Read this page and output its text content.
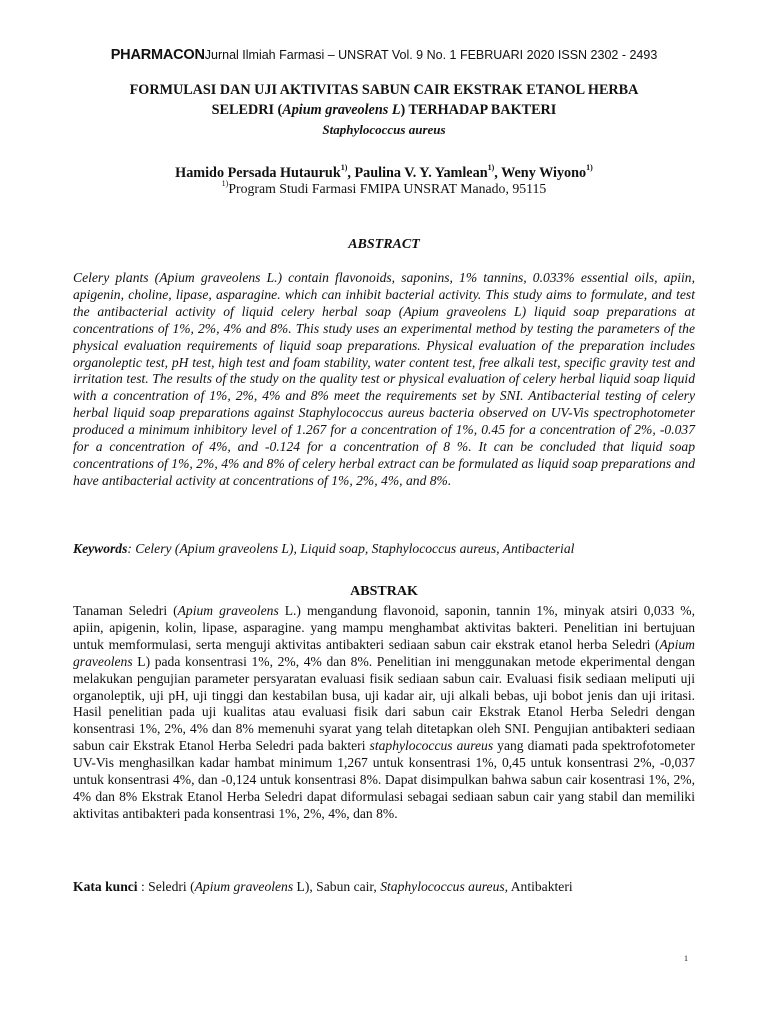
PHARMACONJurnal Ilmiah Farmasi – UNSRAT Vol. 9 No. 1 FEBRUARI 2020 ISSN 2302 - 2493
FORMULASI DAN UJI AKTIVITAS SABUN CAIR EKSTRAK ETANOL HERBA
SELEDRI (Apium graveolens L) TERHADAP BAKTERI
Staphylococcus aureus
Hamido Persada Hutauruk$^{1)}$, Paulina V. Y. Yamlean$^{1)}$, Weny Wiyono$^{1)}$
$^{1)}$Program Studi Farmasi FMIPA UNSRAT Manado, 95115
ABSTRACT

Celery plants (Apium graveolens L.) contain flavonoids, saponins, 1% tannins, 0.033% essential oils, apiin, apigenin, choline, lipase, asparagine. which can inhibit bacterial activity. This study aims to formulate, and test the antibacterial activity of liquid celery herbal soap (Apium graveolens L) liquid soap preparations at concentrations of 1%, 2%, 4% and 8%. This study uses an experimental method by testing the parameters of the physical evaluation requirements of liquid soap preparations. Physical evaluation of the preparation includes organoleptic test, pH test, high test and foam stability, water content test, free alkali test, specific gravity test and irritation test. The results of the study on the quality test or physical evaluation of celery herbal liquid soap liquid with a concentration of 1%, 2%, 4% and 8% meet the requirements set by SNI. Antibacterial testing of celery herbal liquid soap preparations against Staphylococcus aureus bacteria observed on UV-Vis spectrophotometer produced a minimum inhibitory level of 1.267 for a concentration of 1%, 0.45 for a concentration of 2%, -0.037 for a concentration of 4%, and -0.124 for a concentration of 8 %. It can be concluded that liquid soap concentrations of 1%, 2%, 4% and 8% of celery herbal extract can be formulated as liquid soap preparations and have antibacterial activity at concentrations of 1%, 2%, 4%, and 8%.

Keywords: Celery (Apium graveolens L), Liquid soap, Staphylococcus aureus, Antibacterial

ABSTRAK

Tanaman Seledri (Apium graveolens L.) mengandung flavonoid, saponin, tannin 1%, minyak atsiri 0,033 %, apiin, apigenin, kolin, lipase, asparagine. yang mampu menghambat aktivitas bakteri. Penelitian ini bertujuan untuk memformulasi, serta menguji aktivitas antibakteri sediaan sabun cair ekstrak etanol herba Seledri (Apium graveolens L) pada konsentrasi 1%, 2%, 4% dan 8%. Penelitian ini menggunakan metode ekperimental dengan melakukan pengujian parameter persyaratan evaluasi fisik sediaan sabun cair. Evaluasi fisik sediaan meliputi uji organoleptik, uji pH, uji tinggi dan kestabilan busa, uji kadar air, uji alkali bebas, uji bobot jenis dan uji iritasi. Hasil penelitian pada uji kualitas atau evaluasi fisik dari sabun cair Ekstrak Etanol Herba Seledri dengan konsentrasi 1%, 2%, 4% dan 8% memenuhi syarat yang telah ditetapkan oleh SNI. Pengujian antibakteri sediaan sabun cair Ekstrak Etanol Herba Seledri pada bakteri staphylococcus aureus yang diamati pada spektrofotometer UV-Vis menghasilkan kadar hambat minimum 1,267 untuk konsentrasi 1%, 0,45 untuk konsentrasi 2%, -0,037 untuk konsentrasi 4%, dan -0,124 untuk konsentrasi 8%. Dapat disimpulkan bahwa sabun cair kosentrasi 1%, 2%, 4% dan 8% Ekstrak Etanol Herba Seledri dapat diformulasi sebagai sediaan sabun cair yang stabil dan memiliki aktivitas antibakteri pada konsentrasi 1%, 2%, 4%, dan 8%.

Kata kunci : Seledri (Apium graveolens L), Sabun cair, Staphylococcus aureus, Antibakteri

1
